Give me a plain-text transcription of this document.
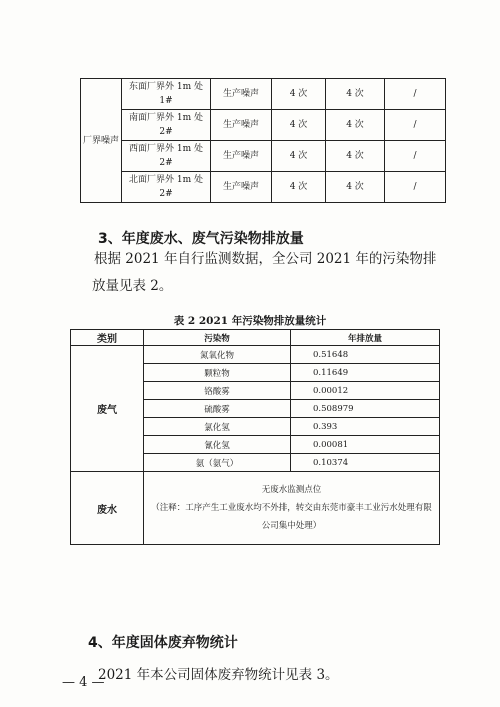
厂界噪声	东面厂界外 1m 处 1#	生产噪声	4 次	4 次	/
	南面厂界外 1m 处 2#	生产噪声	4 次	4 次	/
	西面厂界外 1m 处 2#	生产噪声	4 次	4 次	/
	北面厂界外 1m 处 2#	生产噪声	4 次	4 次	/
3、年度废水、废气污染物排放量
根据 2021 年自行监测数据，全公司 2021 年的污染物排放量见表 2。
表 2 2021 年污染物排放量统计
类别	污染物	年排放量
废气	氮氧化物	0.51648
	颗粒物	0.11649
	铬酸雾	0.00012
	硫酸雾	0.508979
	氯化氢	0.393
	氰化氢	0.00081
	氨（氨气）	0.10374
废水	无废水监测点位
（注释：工序产生工业废水均不外排，转交由东莞市豪丰工业污水处理有限公司集中处理）	
4、年度固体废弃物统计
2021 年本公司固体废弃物统计见表 3。
— 4 —
